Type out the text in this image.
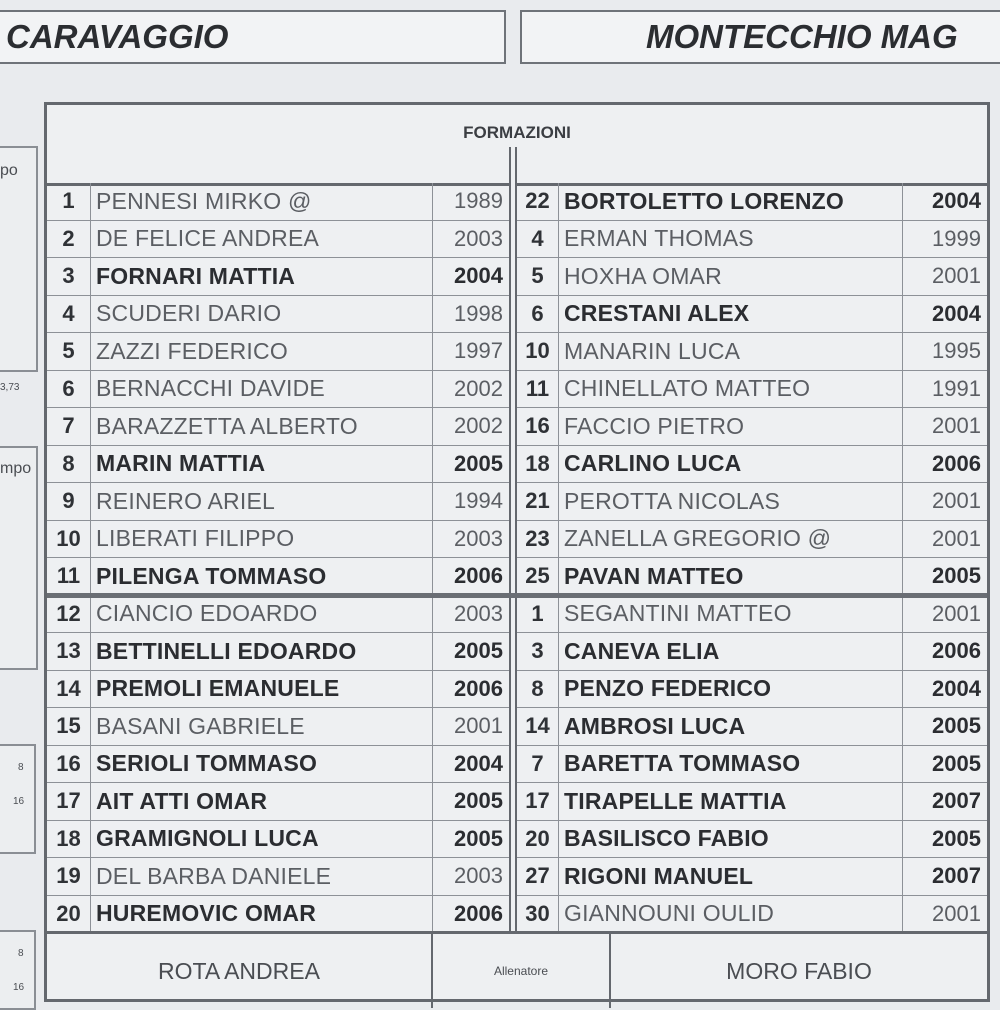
CARAVAGGIO	MONTECCHIO MAG
po
3,73
mpo
8
16
8
16
FORMAZIONI
1 PENNESI MIRKO @	1989
2 DE FELICE ANDREA	2003
3 FORNARI MATTIA	2004
4 SCUDERI DARIO	1998
5 ZAZZI FEDERICO	1997
6 BERNACCHI DAVIDE	2002
7 BARAZZETTA ALBERTO	2002
8 MARIN MATTIA	2005
9 REINERO ARIEL	1994
10 LIBERATI FILIPPO	2003
11 PILENGA TOMMASO	2006
12 CIANCIO EDOARDO	2003
13 BETTINELLI EDOARDO	2005
14 PREMOLI EMANUELE	2006
15 BASANI GABRIELE	2001
16 SERIOLI TOMMASO	2004
17 AIT ATTI OMAR	2005
18 GRAMIGNOLI LUCA	2005
19 DEL BARBA DANIELE	2003
20 HUREMOVIC OMAR	2006
22 BORTOLETTO LORENZO	2004
4 ERMAN THOMAS	1999
5 HOXHA OMAR	2001
6 CRESTANI ALEX	2004
10 MANARIN LUCA	1995
11 CHINELLATO MATTEO	1991
16 FACCIO PIETRO	2001
18 CARLINO LUCA	2006
21 PEROTTA NICOLAS	2001
23 ZANELLA GREGORIO @	2001
25 PAVAN MATTEO	2005
1 SEGANTINI MATTEO	2001
3 CANEVA ELIA	2006
8 PENZO FEDERICO	2004
14 AMBROSI LUCA	2005
7 BARETTA TOMMASO	2005
17 TIRAPELLE MATTIA	2007
20 BASILISCO FABIO	2005
27 RIGONI MANUEL	2007
30 GIANNOUNI OULID	2001
ROTA ANDREA	Allenatore	MORO FABIO
